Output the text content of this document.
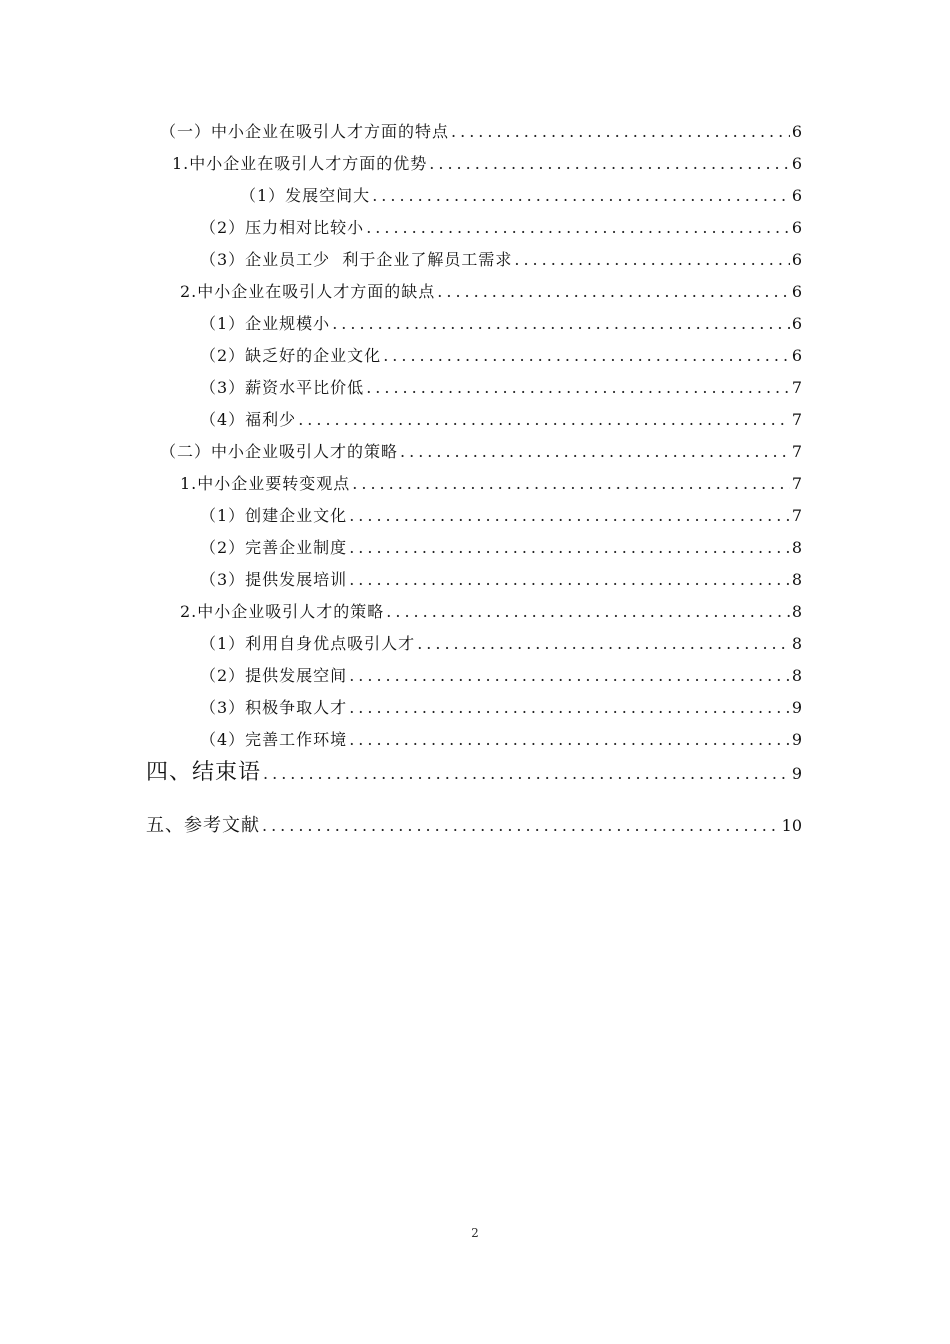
（一）中小企业在吸引人才方面的特点 .....	6
1.中小企业在吸引人才方面的优势 .....	6
（1）发展空间大 .....	6
（2）压力相对比较小 .....	6
（3）企业员工少  利于企业了解员工需求 .....	6
2.中小企业在吸引人才方面的缺点 .....	6
（1）企业规模小 .....	6
（2）缺乏好的企业文化 .....	6
（3）薪资水平比价低 .....	7
（4）福利少 .....	7
（二）中小企业吸引人才的策略 .....	7
1.中小企业要转变观点 .....	7
（1）创建企业文化 .....	7
（2）完善企业制度 .....	8
（3）提供发展培训 .....	8
2.中小企业吸引人才的策略 .....	8
（1）利用自身优点吸引人才 .....	8
（2）提供发展空间 .....	8
（3）积极争取人才 .....	9
（4）完善工作环境 .....	9
四、结束语 .....	9
五、参考文献 .....	10
2
